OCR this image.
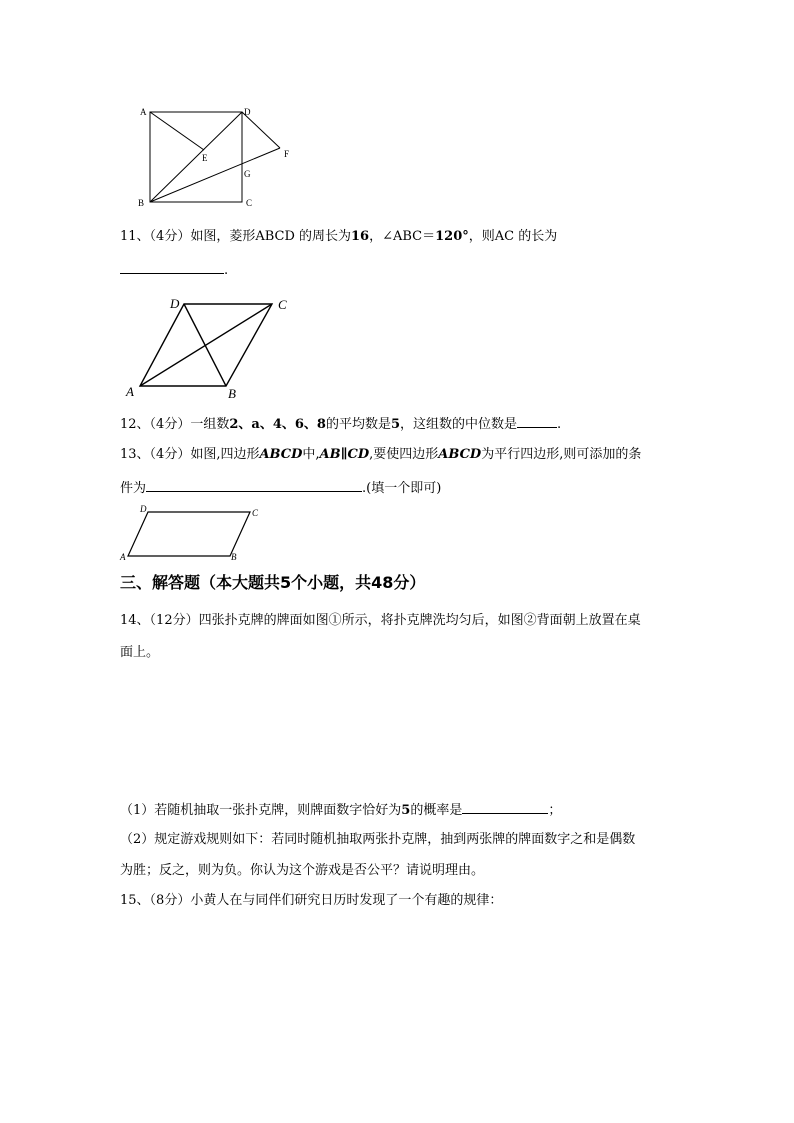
A	D
E	F
G
B	C
11、（4分）如图，菱形ABCD 的周长为16，∠ABC＝120°，则AC 的长为
.
A	B
C
D
12、（4分）一组数2、a、4、6、8的平均数是5，这组数的中位数是	.
13、（4分）如图,四边形ABCD中,AB∥CD,要使四边形ABCD为平行四边形,则可添加的条
件为	.(填一个即可)
A	B
C
D
三、解答题（本大题共5个小题，共48分）
14、（12分）四张扑克牌的牌面如图①所示，将扑克牌洗均匀后，如图②背面朝上放置在桌
面上。
（1）若随机抽取一张扑克牌，则牌面数字恰好为5的概率是	；
（2）规定游戏规则如下：若同时随机抽取两张扑克牌，抽到两张牌的牌面数字之和是偶数
为胜；反之，则为负。你认为这个游戏是否公平？请说明理由。
15、（8分）小黄人在与同伴们研究日历时发现了一个有趣的规律：
